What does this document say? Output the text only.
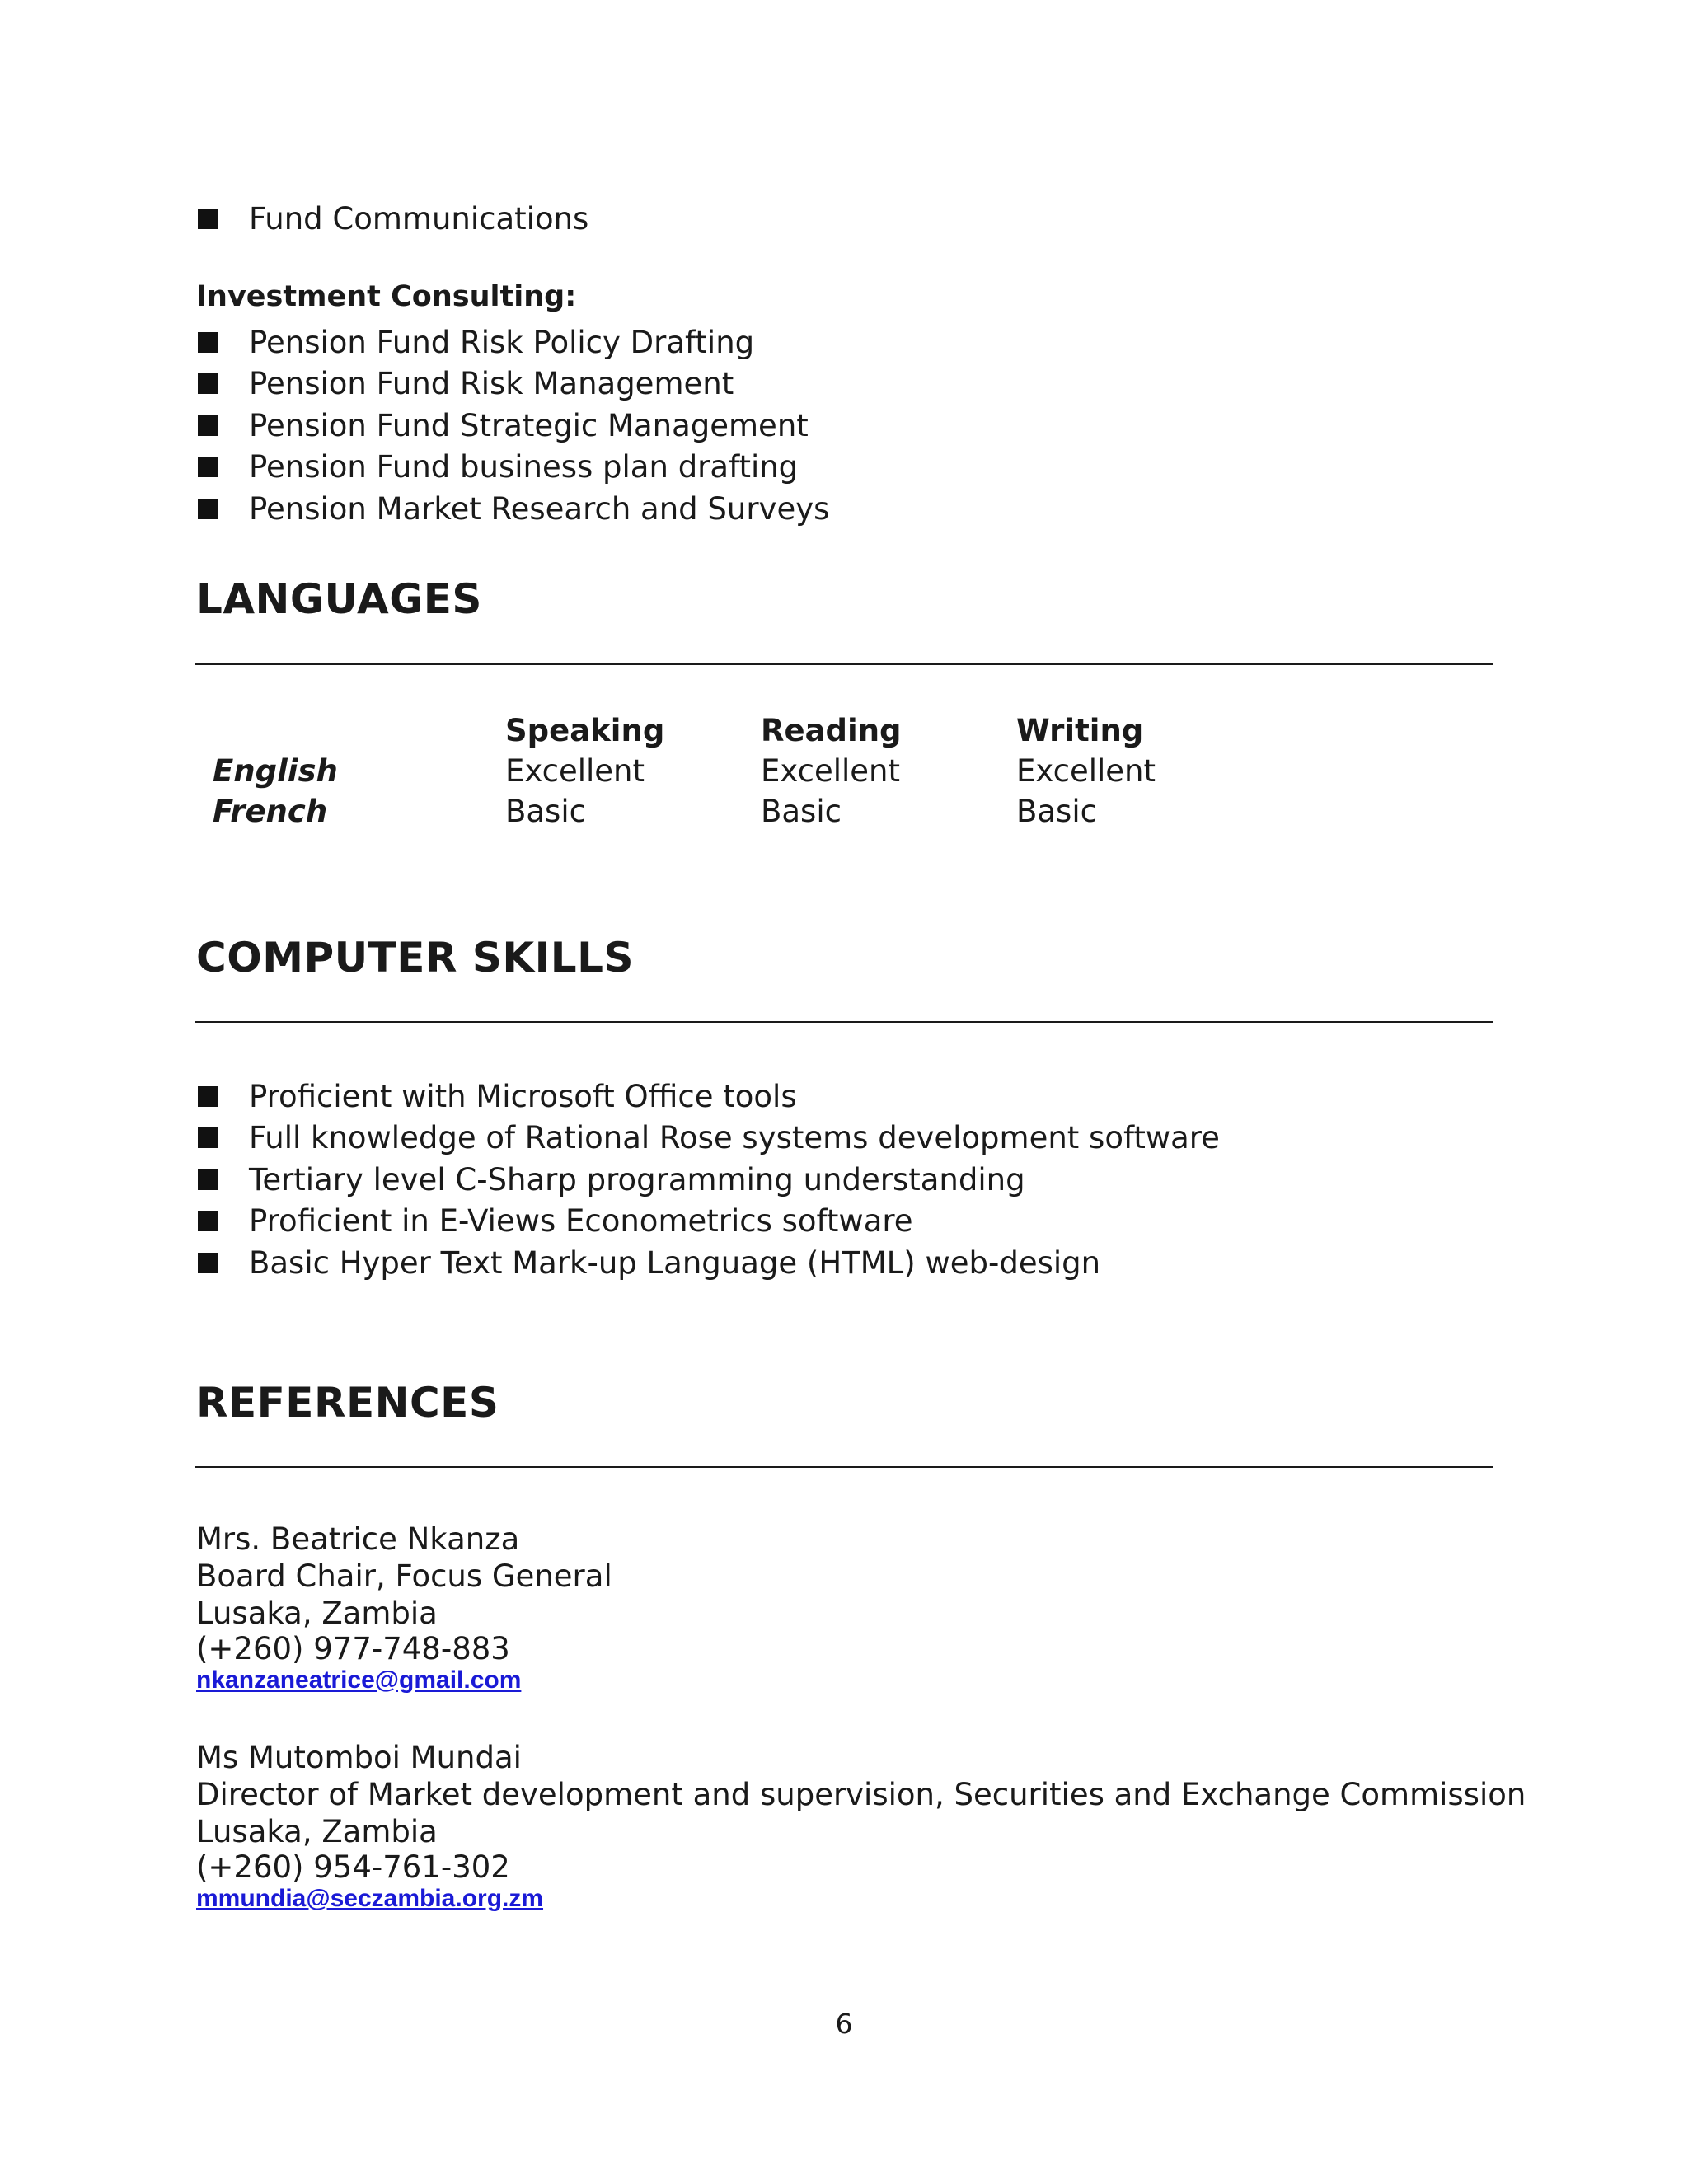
Fund Communications
Investment Consulting:
Pension Fund Risk Policy Drafting
Pension Fund Risk Management
Pension Fund Strategic Management
Pension Fund business plan drafting
Pension Market Research and Surveys
LANGUAGES
	Speaking	Reading	Writing
English	Excellent	Excellent	Excellent
French	Basic	Basic	Basic
COMPUTER SKILLS
Proficient with Microsoft Office tools
Full knowledge of Rational Rose systems development software
Tertiary level C-Sharp programming understanding
Proficient in E-Views Econometrics software
Basic Hyper Text Mark-up Language (HTML) web-design
REFERENCES
Mrs. Beatrice Nkanza
Board Chair, Focus General
Lusaka, Zambia
(+260) 977-748-883
nkanzaneatrice@gmail.com
Ms Mutomboi Mundai
Director of Market development and supervision, Securities and Exchange Commission
Lusaka, Zambia
(+260) 954-761-302
mmundia@seczambia.org.zm
6
